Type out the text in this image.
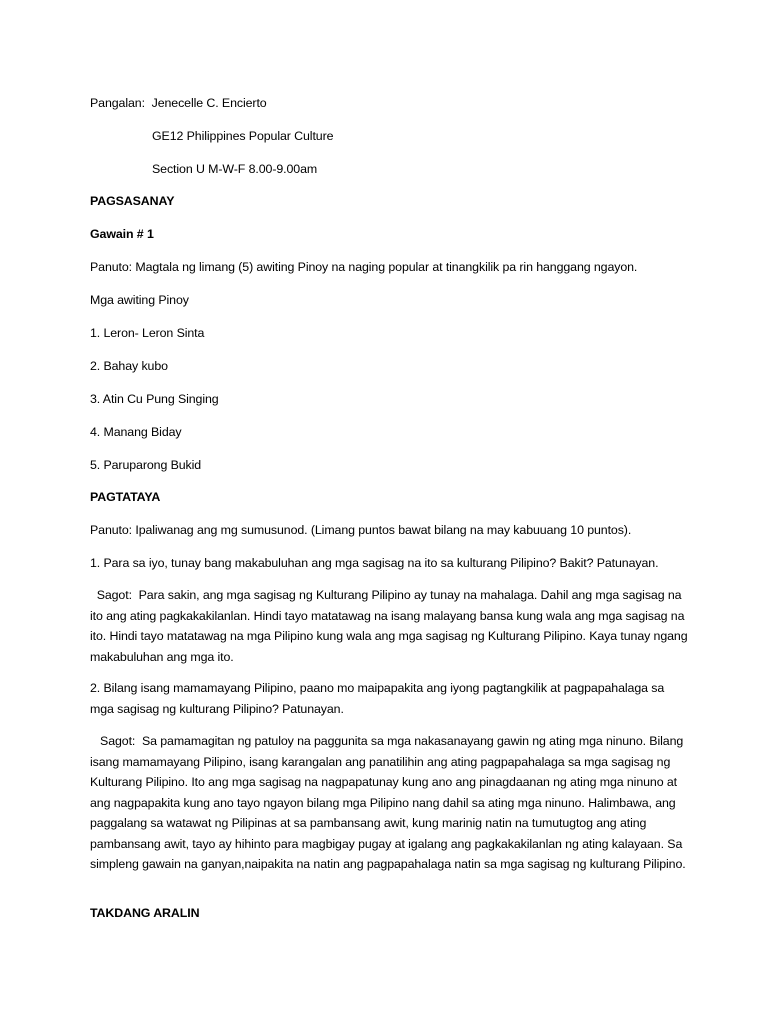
Pangalan: Jenecelle C. Encierto
GE12 Philippines Popular Culture
Section U M-W-F 8.00-9.00am
PAGSASANAY
Gawain # 1
Panuto: Magtala ng limang (5) awiting Pinoy na naging popular at tinangkilik pa rin hanggang ngayon.
Mga awiting Pinoy
1. Leron- Leron Sinta
2. Bahay kubo
3. Atin Cu Pung Singing
4. Manang Biday
5. Paruparong Bukid
PAGTATAYA
Panuto: Ipaliwanag ang mg sumusunod. (Limang puntos bawat bilang na may kabuuang 10 puntos).
1. Para sa iyo, tunay bang makabuluhan ang mga sagisag na ito sa kulturang Pilipino? Bakit? Patunayan.
Sagot: Para sakin, ang mga sagisag ng Kulturang Pilipino ay tunay na mahalaga. Dahil ang mga sagisag na ito ang ating pagkakakilanlan. Hindi tayo matatawag na isang malayang bansa kung wala ang mga sagisag na ito. Hindi tayo matatawag na mga Pilipino kung wala ang mga sagisag ng Kulturang Pilipino. Kaya tunay ngang makabuluhan ang mga ito.
2. Bilang isang mamamayang Pilipino, paano mo maipapakita ang iyong pagtangkilik at pagpapahalaga sa mga sagisag ng kulturang Pilipino? Patunayan.
Sagot: Sa pamamagitan ng patuloy na paggunita sa mga nakasanayang gawin ng ating mga ninuno. Bilang isang mamamayang Pilipino, isang karangalan ang panatilihin ang ating pagpapahalaga sa mga sagisag ng Kulturang Pilipino. Ito ang mga sagisag na nagpapatunay kung ano ang pinagdaanan ng ating mga ninuno at ang nagpapakita kung ano tayo ngayon bilang mga Pilipino nang dahil sa ating mga ninuno. Halimbawa, ang paggalang sa watawat ng Pilipinas at sa pambansang awit, kung marinig natin na tumutugtog ang ating pambansang awit, tayo ay hihinto para magbigay pugay at igalang ang pagkakakilanlan ng ating kalayaan. Sa simpleng gawain na ganyan,naipakita na natin ang pagpapahalaga natin sa mga sagisag ng kulturang Pilipino.
TAKDANG ARALIN
